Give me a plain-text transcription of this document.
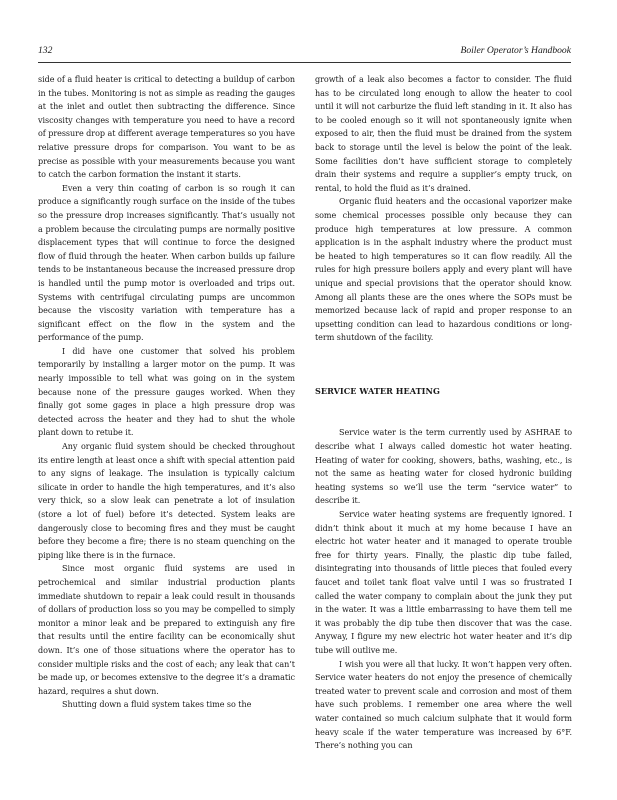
132	Boiler Operator’s Handbook

side of a fluid heater is critical to detecting a buildup of carbon in the tubes. Monitoring is not as simple as reading the gauges at the inlet and outlet then subtracting the difference. Since viscosity changes with temperature you need to have a record of pressure drop at different average temperatures so you have relative pressure drops for comparison. You want to be as precise as possible with your measurements because you want to catch the carbon formation the instant it starts.

Even a very thin coating of carbon is so rough it can produce a significantly rough surface on the inside of the tubes so the pressure drop increases significantly. That’s usually not a problem because the circulating pumps are normally positive displacement types that will continue to force the designed flow of fluid through the heater. When carbon builds up failure tends to be instantaneous because the increased pressure drop is handled until the pump motor is overloaded and trips out. Systems with centrifugal circulating pumps are uncommon because the viscosity variation with temperature has a significant effect on the flow in the system and the performance of the pump.

I did have one customer that solved his problem temporarily by installing a larger motor on the pump. It was nearly impossible to tell what was going on in the system because none of the pressure gauges worked. When they finally got some gages in place a high pressure drop was detected across the heater and they had to shut the whole plant down to retube it.

Any organic fluid system should be checked throughout its entire length at least once a shift with special attention paid to any signs of leakage. The insulation is typically calcium silicate in order to handle the high temperatures, and it’s also very thick, so a slow leak can penetrate a lot of insulation (store a lot of fuel) before it’s detected. System leaks are dangerously close to becoming fires and they must be caught before they become a fire; there is no steam quenching on the piping like there is in the furnace.

Since most organic fluid systems are used in petrochemical and similar industrial production plants immediate shutdown to repair a leak could result in thousands of dollars of production loss so you may be compelled to simply monitor a minor leak and be prepared to extinguish any fire that results until the entire facility can be economically shut down. It’s one of those situations where the operator has to consider multiple risks and the cost of each; any leak that can’t be made up, or becomes extensive to the degree it’s a dramatic hazard, requires a shut down.

Shutting down a fluid system takes time so the

growth of a leak also becomes a factor to consider. The fluid has to be circulated long enough to allow the heater to cool until it will not carburize the fluid left standing in it. It also has to be cooled enough so it will not spontaneously ignite when exposed to air, then the fluid must be drained from the system back to storage until the level is below the point of the leak. Some facilities don’t have sufficient storage to completely drain their systems and require a supplier’s empty truck, on rental, to hold the fluid as it’s drained.

Organic fluid heaters and the occasional vaporizer make some chemical processes possible only because they can produce high temperatures at low pressure. A common application is in the asphalt industry where the product must be heated to high temperatures so it can flow readily. All the rules for high pressure boilers apply and every plant will have unique and special provisions that the operator should know. Among all plants these are the ones where the SOPs must be memorized because lack of rapid and proper response to an upsetting condition can lead to hazardous conditions or long-term shutdown of the facility.

SERVICE WATER HEATING

Service water is the term currently used by ASHRAE to describe what I always called domestic hot water heating. Heating of water for cooking, showers, baths, washing, etc., is not the same as heating water for closed hydronic building heating systems so we’ll use the term “service water” to describe it.

Service water heating systems are frequently ignored. I didn’t think about it much at my home because I have an electric hot water heater and it managed to operate trouble free for thirty years. Finally, the plastic dip tube failed, disintegrating into thousands of little pieces that fouled every faucet and toilet tank float valve until I was so frustrated I called the water company to complain about the junk they put in the water. It was a little embarrassing to have them tell me it was probably the dip tube then discover that was the case. Anyway, I figure my new electric hot water heater and it’s dip tube will outlive me.

I wish you were all that lucky. It won’t happen very often. Service water heaters do not enjoy the presence of chemically treated water to prevent scale and corrosion and most of them have such problems. I remember one area where the well water contained so much calcium sulphate that it would form heavy scale if the water temperature was increased by 6°F. There’s nothing you can
